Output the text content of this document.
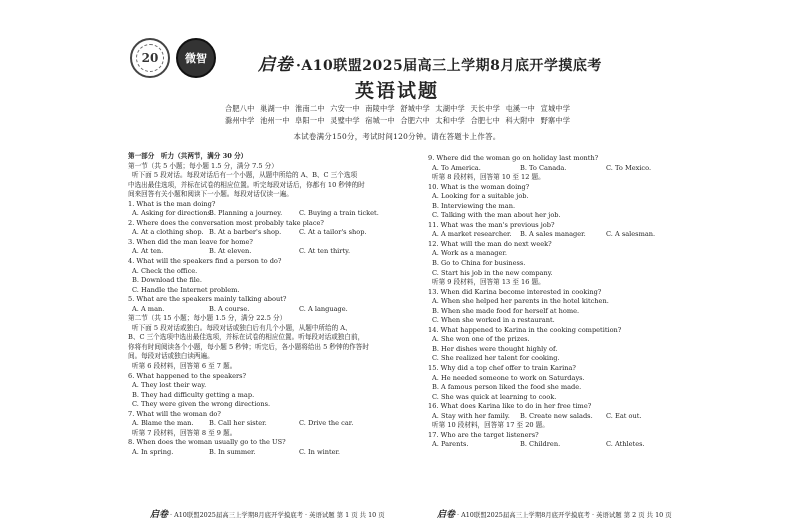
20	微智	启卷 ·A10联盟2025届高三上学期8月底开学摸底考
英语试题
合肥八中 巢湖一中 淮南二中 六安一中 南陵中学 舒城中学 太湖中学 天长中学 屯溪一中 宣城中学
滁州中学 池州一中 阜阳一中 灵璧中学 宿城一中 合肥六中 太和中学 合肥七中 科大附中 野寨中学
本试卷满分150分，考试时间120分钟。请在答题卡上作答。
第一部分　听力（共两节，满分 30 分）
第一节（共 5 小题；每小题 1.5 分，满分 7.5 分）
听下面 5 段对话。每段对话后有一个小题，从题中所给的 A、B、C 三个选项
中选出最佳选项，并标在试卷的相应位置。听完每段对话后，你都有 10 秒钟的时
间来回答有关小题和阅读下一小题。每段对话仅读一遍。
1. What is the man doing?
A. Asking for directions.
B. Planning a journey.	C. Buying a train ticket.
2. Where does the conversation most probably take place?
A. At a clothing shop. B. At a barber's shop.	C. At a tailor's shop.
3. When did the man leave for home?
A. At ten.	B. At eleven.	C. At ten thirty.
4. What will the speakers find a person to do?
A. Check the office.
B. Download the file.
C. Handle the Internet problem.
5. What are the speakers mainly talking about?
A. A man.	B. A course.	C. A language.
第二节（共 15 小题；每小题 1.5 分，满分 22.5 分）
听下面 5 段对话或独白。每段对话或独白后有几个小题，从题中所给的 A、
B、C 三个选项中选出最佳选项，并标在试卷的相应位置。听每段对话或独白前，
你将有时间阅读各个小题，每小题 5 秒钟；听完后，各小题将给出 5 秒钟的作答时
间。每段对话或独白读两遍。
听第 6 段材料，回答第 6 至 7 题。
6. What happened to the speakers?
A. They lost their way.
B. They had difficulty getting a map.
C. They were given the wrong directions.
7. What will the woman do?
A. Blame the man.	B. Call her sister.	C. Drive the car.
听第 7 段材料，回答第 8 至 9 题。
8. When does the woman usually go to the US?
A. In spring.	B. In summer.	C. In winter.
9. Where did the woman go on holiday last month?
A. To America.	B. To Canada.	C. To Mexico.
听第 8 段材料，回答第 10 至 12 题。
10. What is the woman doing?
A. Looking for a suitable job.
B. Interviewing the man.
C. Talking with the man about her job.
11. What was the man's previous job?
A. A market researcher.	B. A sales manager.	C. A salesman.
12. What will the man do next week?
A. Work as a manager.
B. Go to China for business.
C. Start his job in the new company.
听第 9 段材料，回答第 13 至 16 题。
13. When did Karina become interested in cooking?
A. When she helped her parents in the hotel kitchen.
B. When she made food for herself at home.
C. When she worked in a restaurant.
14. What happened to Karina in the cooking competition?
A. She won one of the prizes.
B. Her dishes were thought highly of.
C. She realized her talent for cooking.
15. Why did a top chef offer to train Karina?
A. He needed someone to work on Saturdays.
B. A famous person liked the food she made.
C. She was quick at learning to cook.
16. What does Karina like to do in her free time?
A. Stay with her family.	B. Create new salads.	C. Eat out.
听第 10 段材料，回答第 17 至 20 题。
17. Who are the target listeners?
A. Parents.	B. Children.	C. Athletes.
启卷 · A10联盟2025届高三上学期8月底开学摸底考 · 英语试题 第 1 页 共 10 页	启卷 · A10联盟2025届高三上学期8月底开学摸底考 · 英语试题 第 2 页 共 10 页
